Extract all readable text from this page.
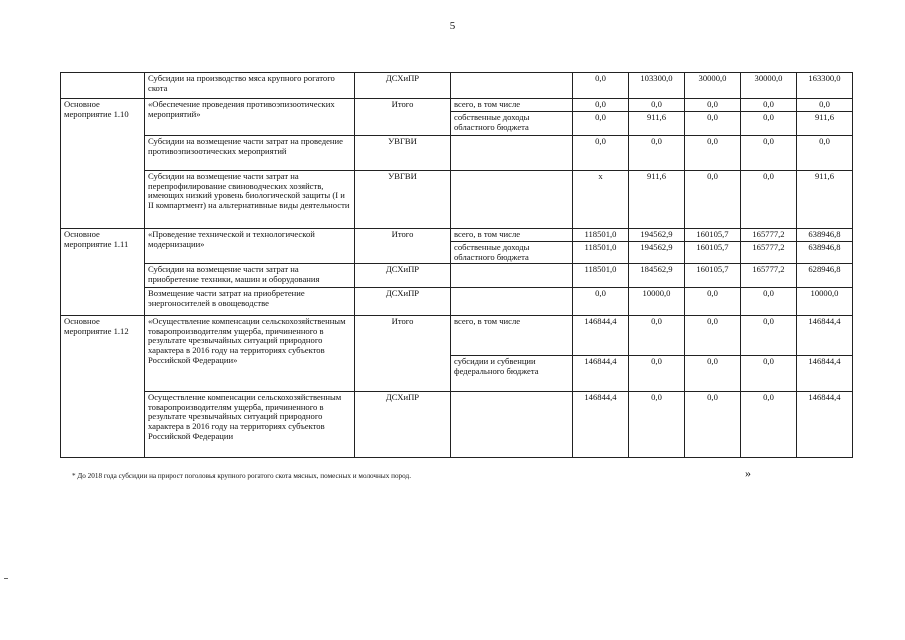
5
	Субсидии на производство мяса крупного рогатого скота	ДСХиПР		0,0	103300,0	30000,0	30000,0	163300,0
Основное мероприятие 1.10	«Обеспечение проведения противоэпизоотических мероприятий»	Итого	всего, в том числе	0,0	0,0	0,0	0,0	0,0
			собственные доходы областного бюджета	0,0	911,6	0,0	0,0	911,6
	Субсидии на возмещение части затрат на проведение противоэпизоотических мероприятий	УВГВИ		0,0	0,0	0,0	0,0	0,0
	Субсидии на возмещение части затрат на перепрофилирование свиноводческих хозяйств, имеющих низкий уровень биологической защиты (I и II компартмент) на альтернативные виды деятельности	УВГВИ		x	911,6	0,0	0,0	911,6
Основное мероприятие 1.11	«Проведение технической и технологической модернизации»	Итого	всего, в том числе	118501,0	194562,9	160105,7	165777,2	638946,8
			собственные доходы областного бюджета	118501,0	194562,9	160105,7	165777,2	638946,8
	Субсидии на возмещение части затрат на приобретение техники, машин и оборудования	ДСХиПР		118501,0	184562,9	160105,7	165777,2	628946,8
	Возмещение части затрат на приобретение энергоносителей в овощеводстве	ДСХиПР		0,0	10000,0	0,0	0,0	10000,0
Основное мероприятие 1.12	«Осуществление компенсации сельскохозяйственным товаропроизводителям ущерба, причиненного в результате чрезвычайных ситуаций природного характера в 2016 году на территориях субъектов Российской Федерации»	Итого	всего, в том числе	146844,4	0,0	0,0	0,0	146844,4
			субсидии и субвенции федерального бюджета	146844,4	0,0	0,0	0,0	146844,4
	Осуществление компенсации сельскохозяйственным товаропроизводителям ущерба, причиненного в результате чрезвычайных ситуаций природного характера в 2016 году на территориях субъектов Российской Федерации	ДСХиПР		146844,4	0,0	0,0	0,0	146844,4
* До 2018 года субсидии на прирост поголовья крупного рогатого скота мясных, помесных и молочных пород.	»
